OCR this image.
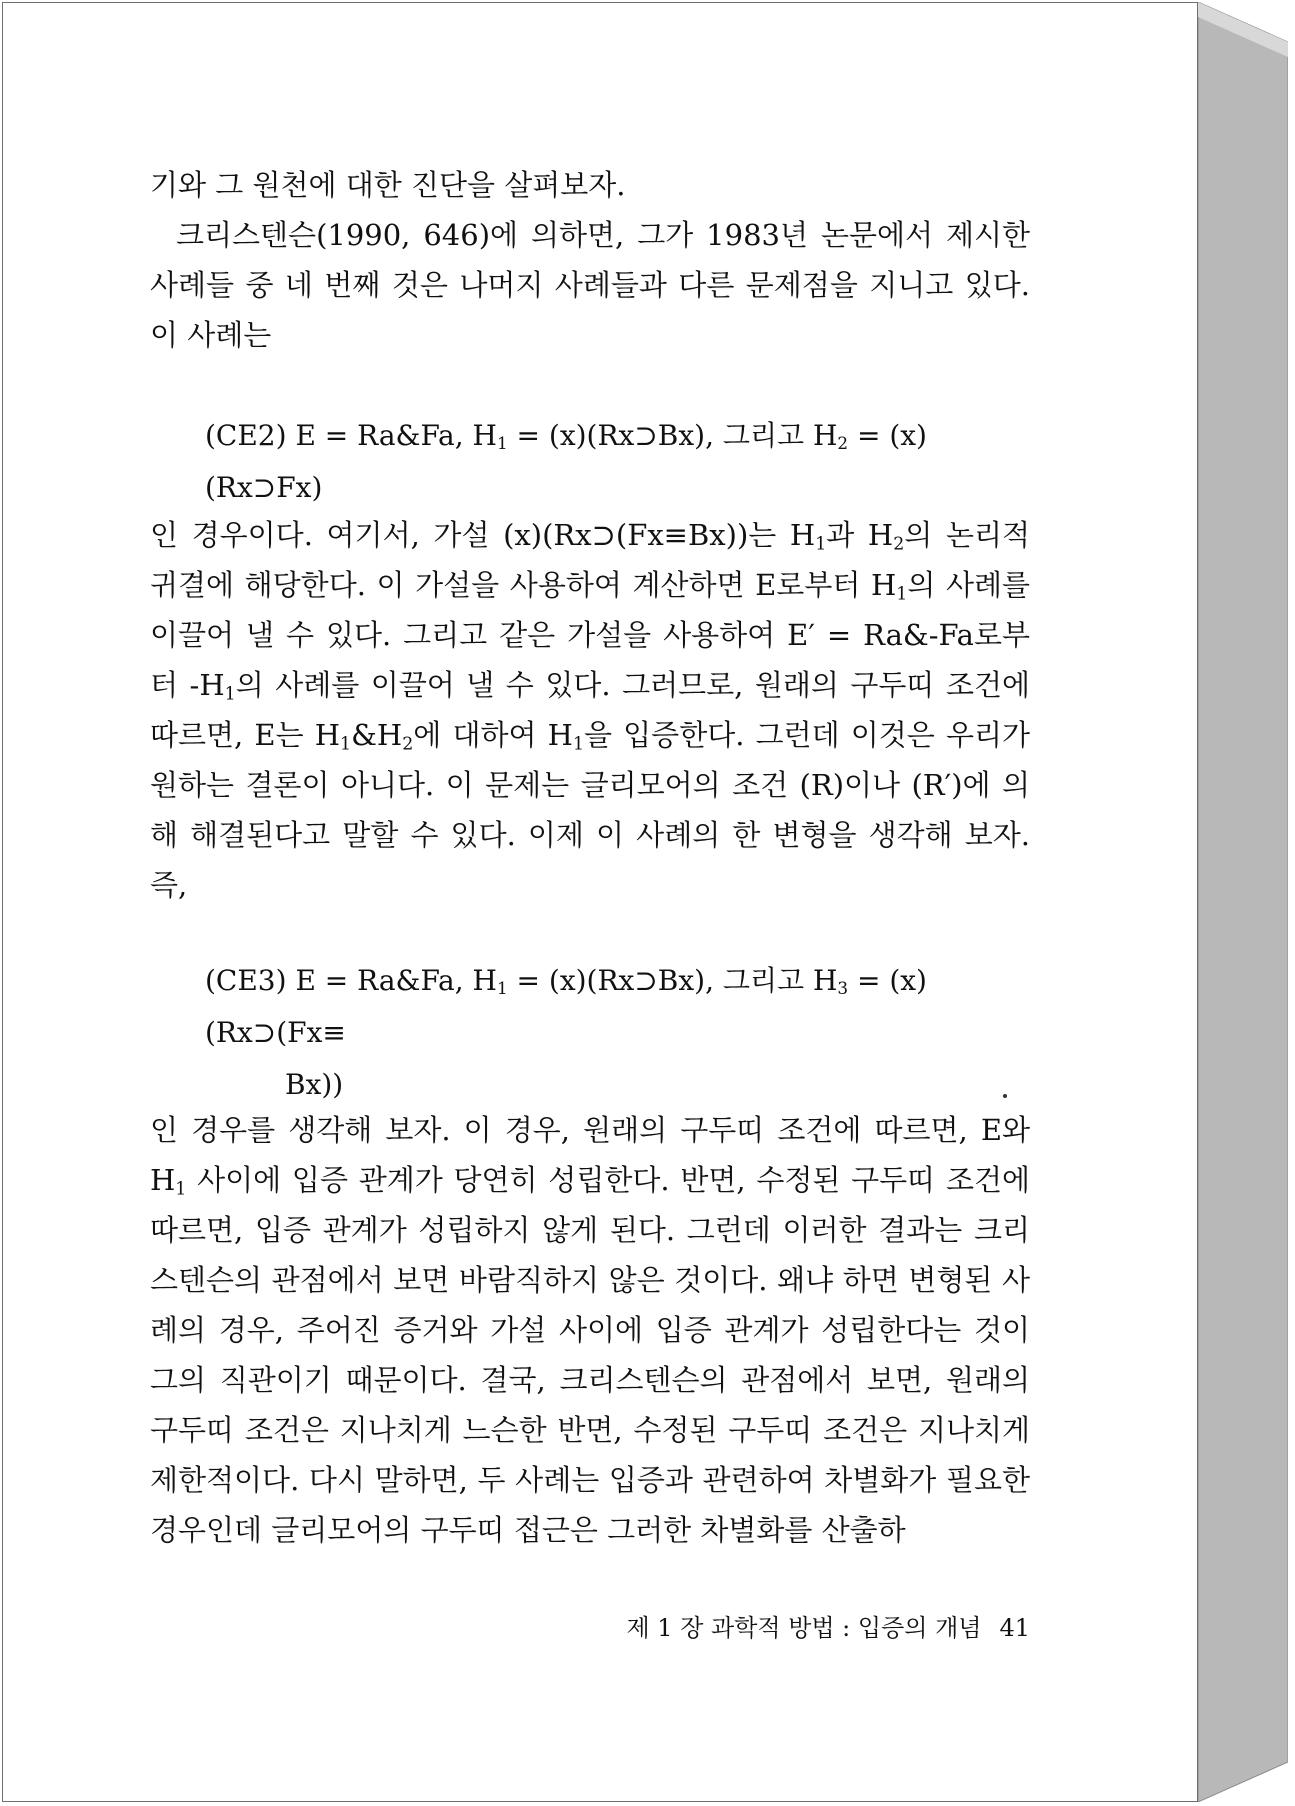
기와 그 원천에 대한 진단을 살펴보자.
크리스텐슨(1990, 646)에 의하면, 그가 1983년 논문에서 제시한 사례들 중 네 번째 것은 나머지 사례들과 다른 문제점을 지니고 있다. 이 사례는
(CE2) E = Ra&Fa, $H_1$ = (x)(Rx⊃Bx), 그리고 $H_2$ = (x)(Rx⊃Fx)
인 경우이다. 여기서, 가설 (x)(Rx⊃(Fx≡Bx))는 $H_1$과 $H_2$의 논리적 귀결에 해당한다. 이 가설을 사용하여 계산하면 E로부터 $H_1$의 사례를 이끌어 낼 수 있다. 그리고 같은 가설을 사용하여 E′ = Ra&-Fa로부터 $-H_1$의 사례를 이끌어 낼 수 있다. 그러므로, 원래의 구두띠 조건에 따르면, E는 $H_1\&H_2$에 대하여 $H_1$을 입증한다. 그런데 이것은 우리가 원하는 결론이 아니다. 이 문제는 글리모어의 조건 (R)이나 (R′)에 의해 해결된다고 말할 수 있다. 이제 이 사례의 한 변형을 생각해 보자. 즉,
(CE3) E = Ra&Fa, $H_1$ = (x)(Rx⊃Bx), 그리고 $H_3$ = (x)(Rx⊃(Fx≡
Bx))
인 경우를 생각해 보자. 이 경우, 원래의 구두띠 조건에 따르면, E와 $H_1$ 사이에 입증 관계가 당연히 성립한다. 반면, 수정된 구두띠 조건에 따르면, 입증 관계가 성립하지 않게 된다. 그런데 이러한 결과는 크리스텐슨의 관점에서 보면 바람직하지 않은 것이다. 왜냐 하면 변형된 사례의 경우, 주어진 증거와 가설 사이에 입증 관계가 성립한다는 것이 그의 직관이기 때문이다. 결국, 크리스텐슨의 관점에서 보면, 원래의 구두띠 조건은 지나치게 느슨한 반면, 수정된 구두띠 조건은 지나치게 제한적이다. 다시 말하면, 두 사례는 입증과 관련하여 차별화가 필요한 경우인데 글리모어의 구두띠 접근은 그러한 차별화를 산출하
제 1 장 과학적 방법 : 입증의 개념 41
